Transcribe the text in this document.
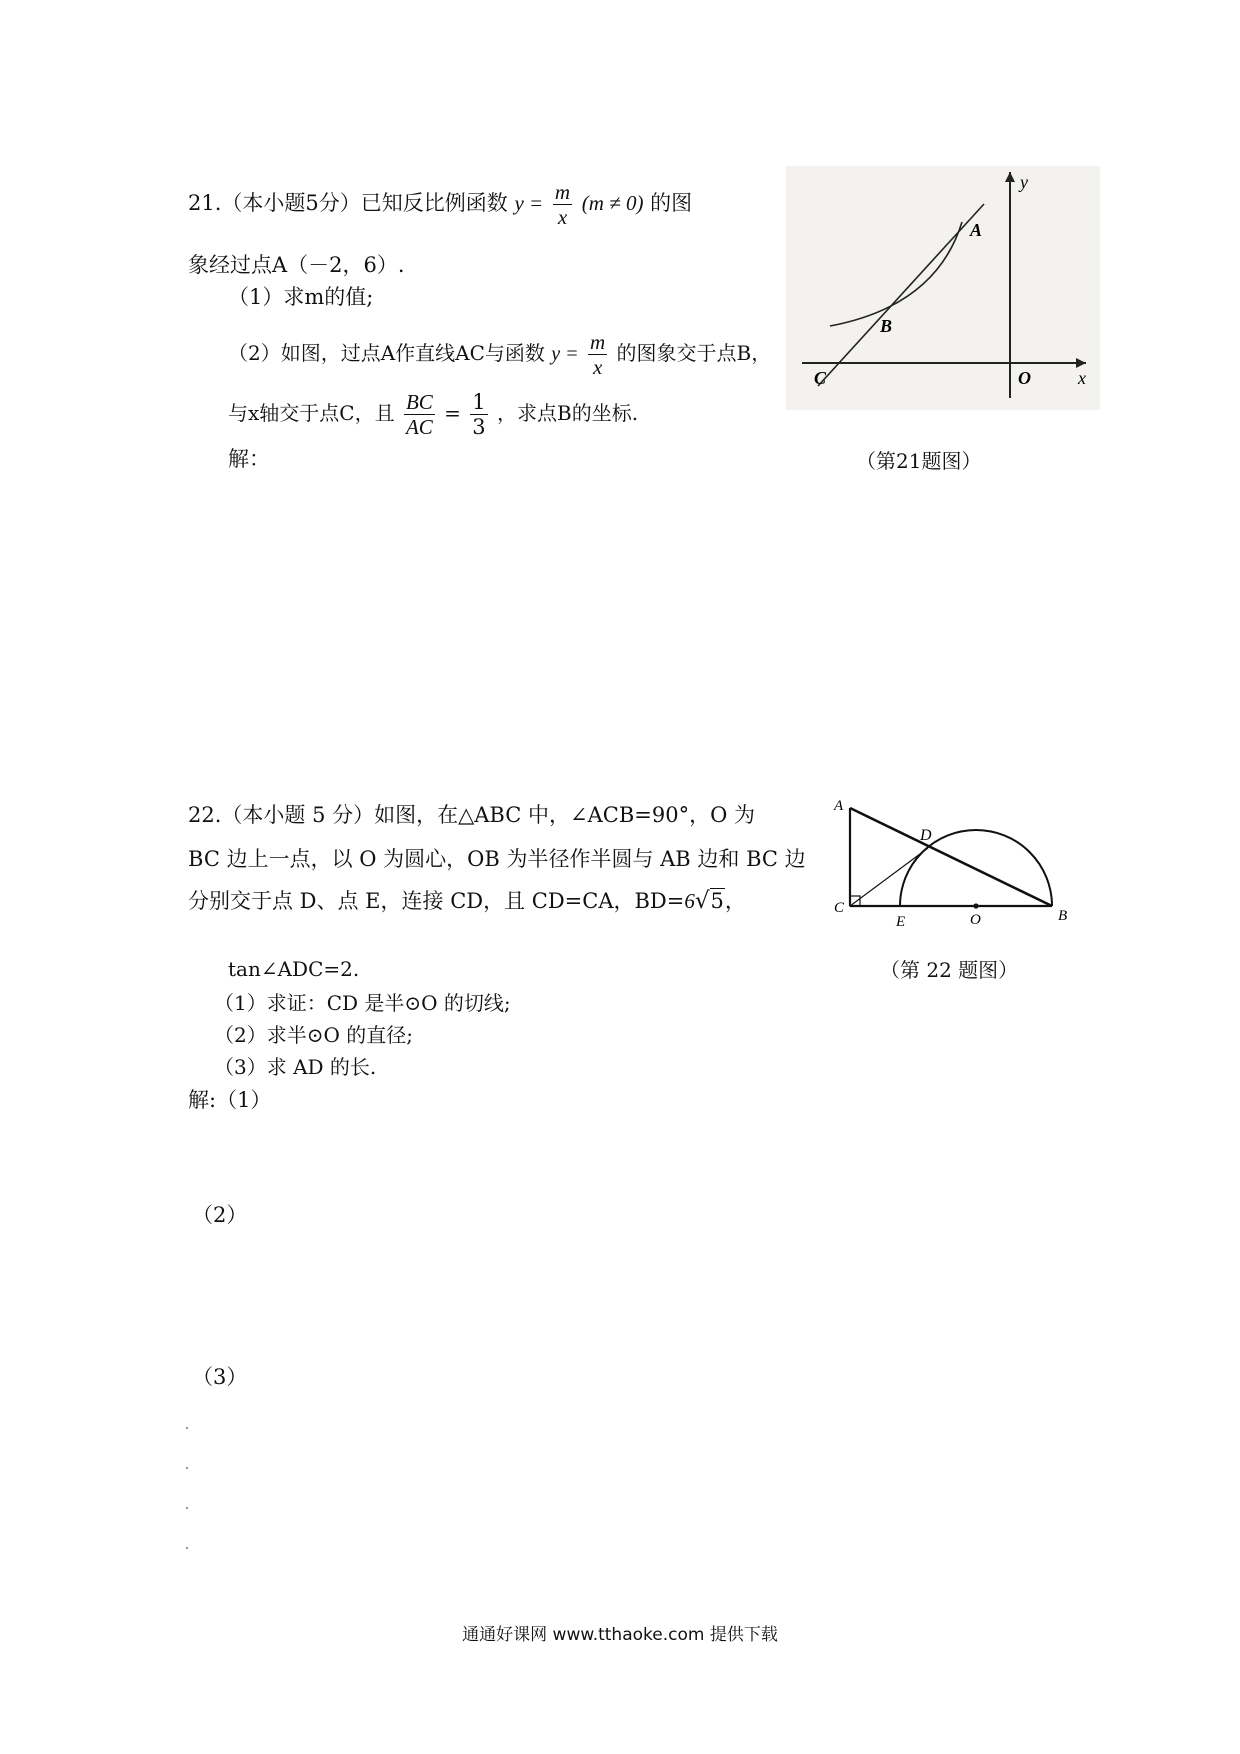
21.（本小题5分）已知反比例函数 $y = \frac{m}{x} (m \ne 0)$ 的图
象经过点A（－2，6）.
（1）求m的值;
（2）如图，过点A作直线AC与函数 $y = \frac{m}{x}$ 的图象交于点B，
与x轴交于点C，且 $\frac{BC}{AC} = \frac{1}{3}$ ，求点B的坐标.
解：
y
x
A
B
C	O
（第21题图）
22.（本小题 5 分）如图，在△ABC 中，∠ACB=90°，O 为
BC 边上一点，以 O 为圆心，OB 为半径作半圆与 AB 边和 BC 边
分别交于点 D、点 E，连接 CD，且 CD=CA，BD=6√5，
tan∠ADC=2.
（1）求证：CD 是半⊙O 的切线;
（2）求半⊙O 的直径;
（3）求 AD 的长.
解:（1）
（2）
（3）
A
D
C
E	O	B
（第 22 题图）
通通好课网 www.tthaoke.com 提供下载
